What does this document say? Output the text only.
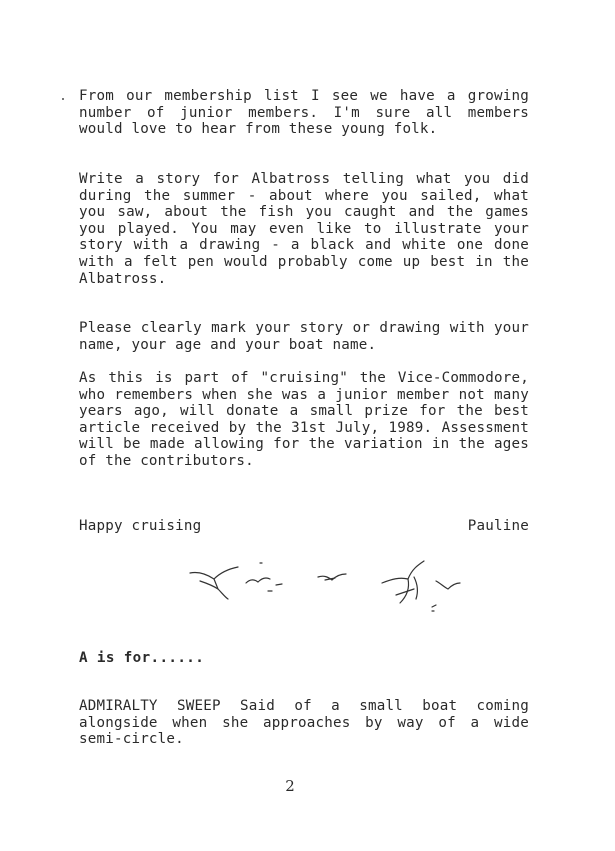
From our membership list I see we have a growing number of junior members. I'm sure all members would love to hear from these young folk.

Write a story for Albatross telling what you did during the summer - about where you sailed, what you saw, about the fish you caught and the games you played. You may even like to illustrate your story with a drawing - a black and white one done with a felt pen would probably come up best in the Albatross.

Please clearly mark your story or drawing with your name, your age and your boat name.

As this is part of "cruising" the Vice-Commodore, who remembers when she was a junior member not many years ago, will donate a small prize for the best article received by the 31st July, 1989. Assessment will be made allowing for the variation in the ages of the contributors.

Happy cruising	Pauline
A is for......

ADMIRALTY SWEEP Said of a small boat coming alongside when she approaches by way of a wide semi-circle.

2
